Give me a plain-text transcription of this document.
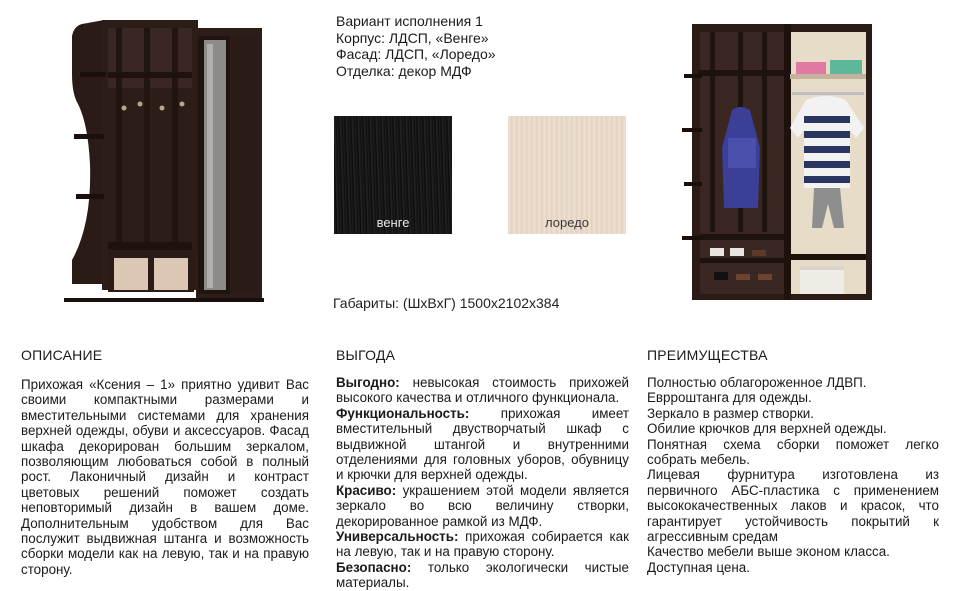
Вариант исполнения 1
Корпус: ЛДСП, «Венге»
Фасад: ЛДСП, «Лоредо»
Отделка: декор МДФ
венге	лоредо
Габариты: (ШхВхГ) 1500х2102х384
ОПИСАНИЕ

Прихожая «Ксения – 1» приятно удивит Вас своими компактными размерами и вместительными системами для хранения верхней одежды, обуви и аксессуаров. Фасад шкафа декорирован большим зеркалом, позволяющим любоваться собой в полный рост. Лаконичный дизайн и контраст цветовых решений поможет создать неповторимый дизайн в вашем доме. Дополнительным удобством для Вас послужит выдвижная штанга и возможность сборки модели как на левую, так и на правую сторону.

ВЫГОДА

Выгодно: невысокая стоимость прихожей высокого качества и отличного функционала.

Функциональность: прихожая имеет вместительный двустворчатый шкаф с выдвижной штангой и внутренними отделениями для головных уборов, обувницу и крючки для верхней одежды.

Красиво: украшением этой модели является зеркало во всю величину створки, декорированное рамкой из МДФ.

Универсальность: прихожая собирается как на левую, так и на правую сторону.

Безопасно: только экологически чистые материалы.

ПРЕИМУЩЕСТВА

Полностью облагороженное ЛДВП.

Еврроштанга для одежды.

Зеркало в размер створки.

Обилие крючков для верхней одежды.

Понятная схема сборки поможет легко собрать мебель.

Лицевая фурнитура изготовлена из первичного АБС-пластика с применением высококачественных лаков и красок, что гарантирует устойчивость покрытий к агрессивным средам

Качество мебели выше эконом класса.

Доступная цена.
